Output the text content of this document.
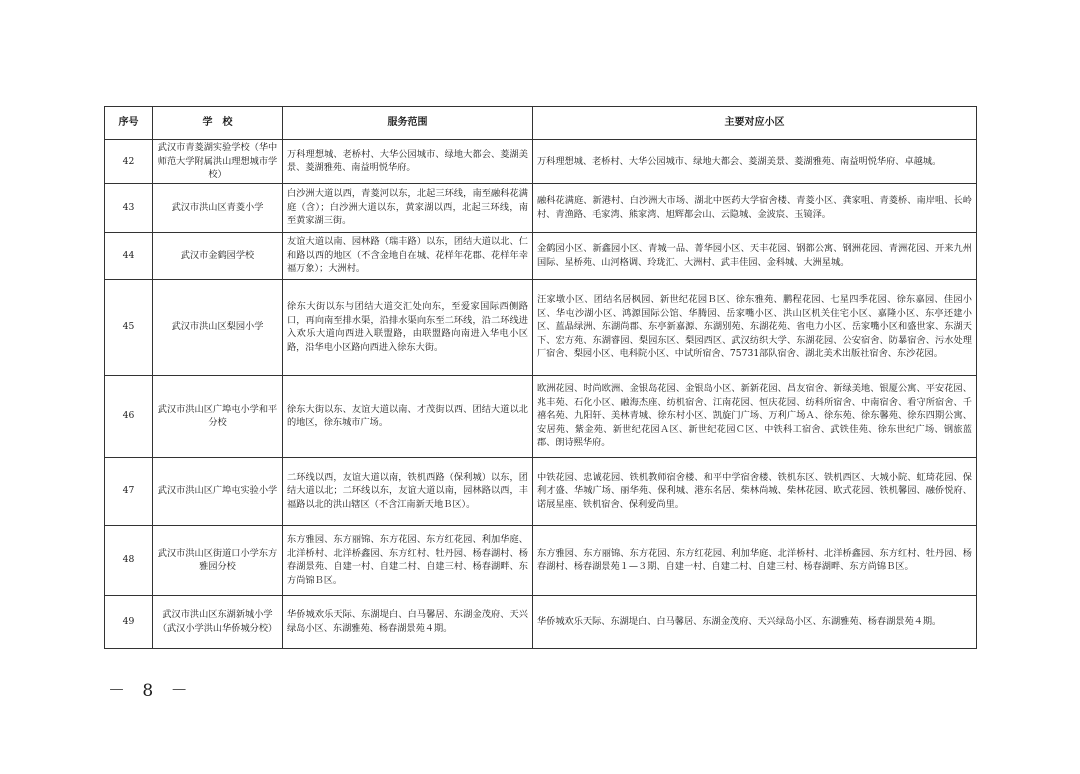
序号	学　校	服务范围	主要对应小区
42	武汉市青菱湖实验学校（华中师范大学附属洪山理想城市学校）	万科理想城、老桥村、大华公园城市、绿地大都会、菱湖美景、菱湖雅苑、南益明悦华府。	万科理想城、老桥村、大华公园城市、绿地大都会、菱湖美景、菱湖雅苑、南益明悦华府、卓越城。
43	武汉市洪山区青菱小学	白沙洲大道以西，青菱河以东，北起三环线，南至融科花满庭（含）；白沙洲大道以东，黄家湖以西，北起三环线，南至黄家湖三街。	融科花满庭、新港村、白沙洲大市场、湖北中医药大学宿舍楼、青菱小区、龚家咀、青菱桥、南岸咀、长岭村、青渔路、毛家湾、熊家湾、旭辉都会山、云隐城、金波宸、玉镜泽。
44	武汉市金鹤园学校	友谊大道以南、园林路（瑞丰路）以东，团结大道以北、仁和路以西的地区（不含金地自在城、花样年花郡、花样年幸福万象）；大洲村。	金鹤园小区、新鑫园小区、青城一品、菁华园小区、天丰花园、钢都公寓、钢洲花园、青洲花园、开来九州国际、星桥苑、山河格调、玲珑汇、大洲村、武丰佳园、金科城、大洲星城。
45	武汉市洪山区梨园小学	徐东大街以东与团结大道交汇处向东，至爱家国际西侧路口，再向南至排水渠，沿排水渠向东至二环线，沿二环线进入欢乐大道向西进入联盟路，由联盟路向南进入华电小区路，沿华电小区路向西进入徐东大街。	汪家墩小区、团结名居枫园、新世纪花园Ｂ区、徐东雅苑、鹏程花园、七星四季花园、徐东嘉园、佳园小区、华屯沙湖小区、鸿源国际公馆、华腾园、岳家嘴小区、洪山区机关住宅小区、嘉隆小区、东亭还建小区、蓝晶绿洲、东湖尚郡、东亭新嘉源、东湖别苑、东湖花苑、省电力小区、岳家嘴小区和盛世家、东湖天下、宏方苑、东湖睿园、梨园东区、梨园西区、武汉纺织大学、东湖花园、公安宿舍、防暴宿舍、污水处理厂宿舍、梨园小区、电科院小区、中试所宿舍、75731部队宿舍、湖北美术出版社宿舍、东沙花园。
46	武汉市洪山区广埠屯小学和平分校	徐东大街以东、友谊大道以南、才茂街以西、团结大道以北的地区，徐东城市广场。	欧洲花园、时尚欧洲、金银岛花园、金银岛小区、新新花园、昌友宿舍、新绿美地、银厦公寓、平安花园、兆丰苑、石化小区、融海杰座、纺机宿舍、江南花园、恒庆花园、纺科所宿舍、中南宿舍、看守所宿舍、千禧名苑、九阳轩、美林青城、徐东村小区、凯旋门广场、万利广场Ａ、徐东苑、徐东馨苑、徐东四期公寓、安居苑、紫金苑、新世纪花园Ａ区、新世纪花园Ｃ区、中铁科工宿舍、武铁佳苑、徐东世纪广场、钢旅蓝郡、朗诗熙华府。
47	武汉市洪山区广埠屯实验小学	二环线以西，友谊大道以南，铁机西路（保利城）以东，团结大道以北；二环线以东，友谊大道以南，园林路以西，丰福路以北的洪山辖区（不含江南新天地Ｂ区）。	中铁花园、忠诚花园、铁机教师宿舍楼、和平中学宿舍楼、铁机东区、铁机西区、大城小院、虹琦花园、保利才盛、华城广场、丽华苑、保利城、港东名居、柴林尚城、柴林花园、欧式花园、铁机馨园、融侨悦府、诺展星座、铁机宿舍、保利爱尚里。
48	武汉市洪山区街道口小学东方雅园分校	东方雅园、东方丽锦、东方花园、东方红花园、利加华庭、北洋桥村、北洋桥鑫园、东方红村、牡丹园、杨春湖村、杨春湖景苑、自建一村、自建二村、自建三村、杨春湖畔、东方尚锦Ｂ区。	东方雅园、东方丽锦、东方花园、东方红花园、利加华庭、北洋桥村、北洋桥鑫园、东方红村、牡丹园、杨春湖村、杨春湖景苑１—３期、自建一村、自建二村、自建三村、杨春湖畔、东方尚锦Ｂ区。
49	武汉市洪山区东湖新城小学（武汉小学洪山华侨城分校）	华侨城欢乐天际、东湖堤白、白马馨居、东湖金茂府、天兴绿岛小区、东湖雅苑、杨春湖景苑４期。	华侨城欢乐天际、东湖堤白、白马馨居、东湖金茂府、天兴绿岛小区、东湖雅苑、杨春湖景苑４期。
－ 8 －
